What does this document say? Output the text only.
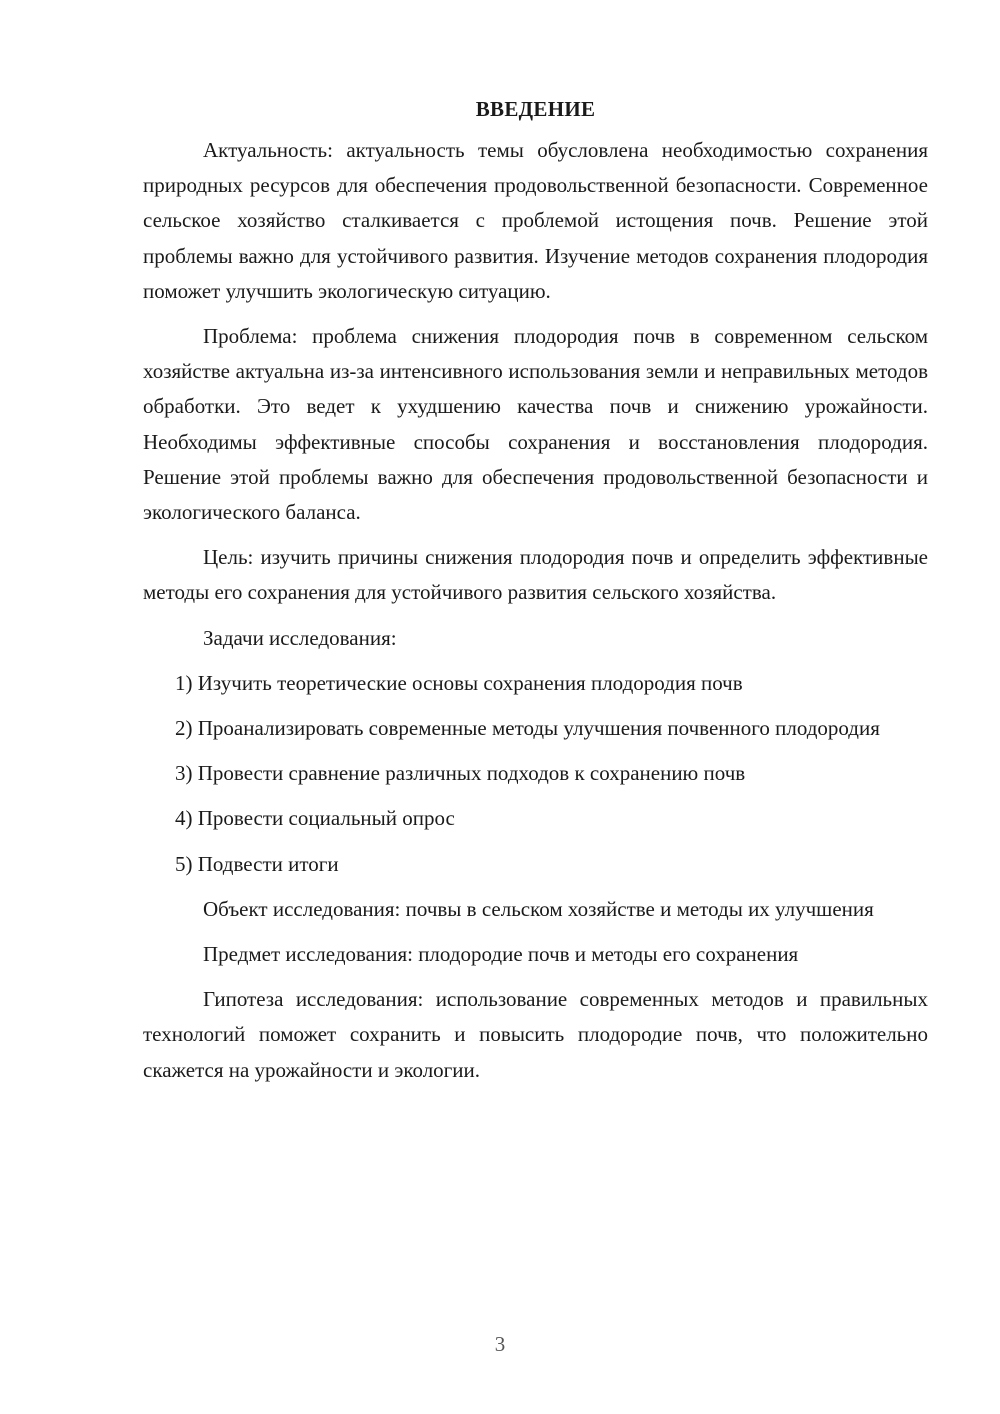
ВВЕДЕНИЕ

Актуальность: актуальность темы обусловлена необходимостью сохранения природных ресурсов для обеспечения продовольственной безопасности. Современное сельское хозяйство сталкивается с проблемой истощения почв. Решение этой проблемы важно для устойчивого развития. Изучение методов сохранения плодородия поможет улучшить экологическую ситуацию.

Проблема: проблема снижения плодородия почв в современном сельском хозяйстве актуальна из-за интенсивного использования земли и неправильных методов обработки. Это ведет к ухудшению качества почв и снижению урожайности. Необходимы эффективные способы сохранения и восстановления плодородия. Решение этой проблемы важно для обеспечения продовольственной безопасности и экологического баланса.

Цель: изучить причины снижения плодородия почв и определить эффективные методы его сохранения для устойчивого развития сельского хозяйства.

Задачи исследования:

1) Изучить теоретические основы сохранения плодородия почв

2) Проанализировать современные методы улучшения почвенного плодородия

3) Провести сравнение различных подходов к сохранению почв

4) Провести социальный опрос

5) Подвести итоги

Объект исследования: почвы в сельском хозяйстве и методы их улучшения

Предмет исследования: плодородие почв и методы его сохранения

Гипотеза исследования: использование современных методов и правильных технологий поможет сохранить и повысить плодородие почв, что положительно скажется на урожайности и экологии.

3
